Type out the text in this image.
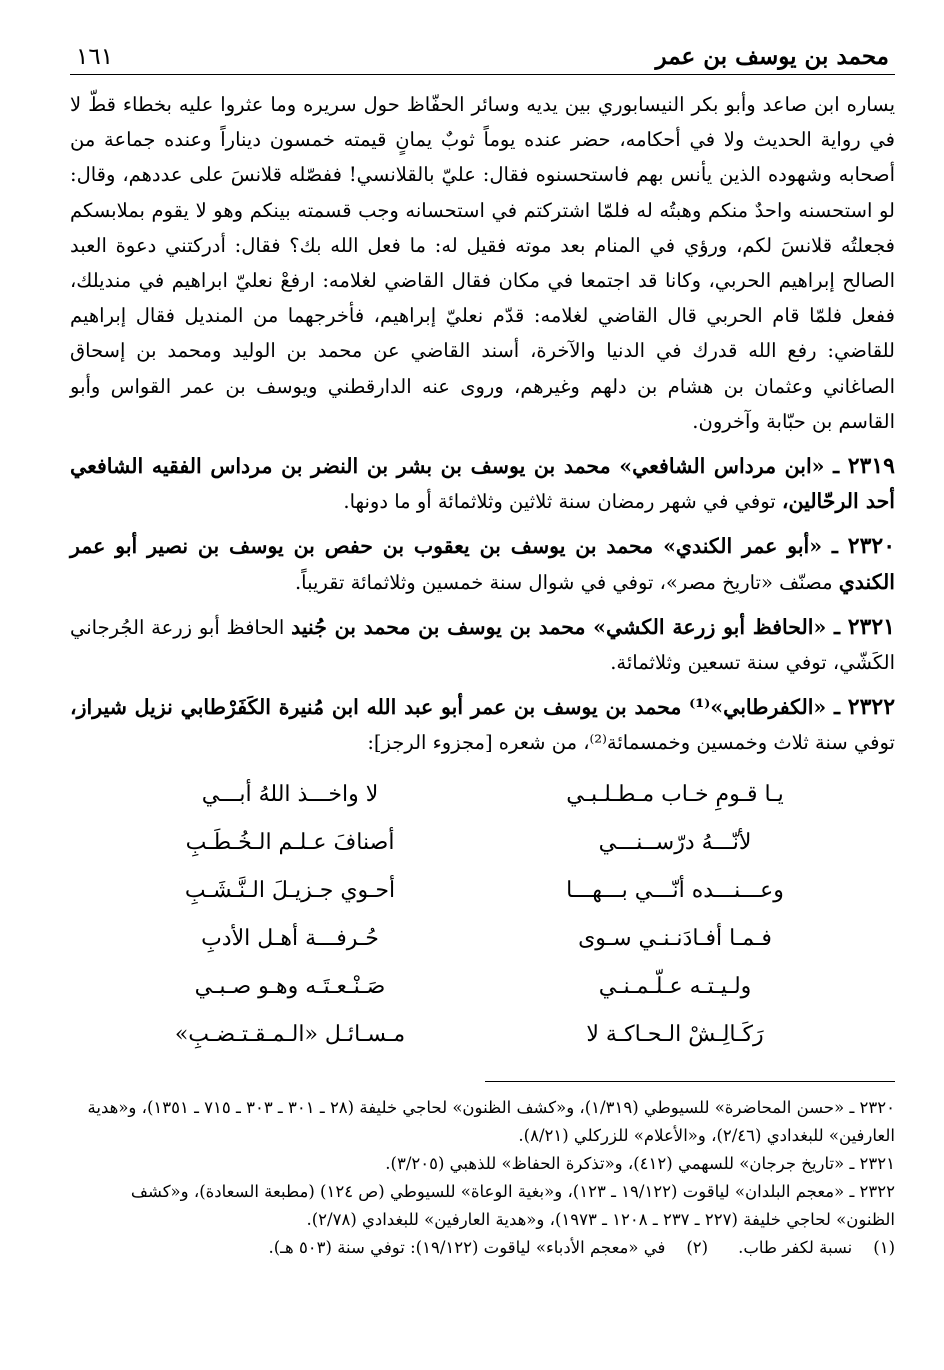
محمد بن يوسف بن عمر
١٦١

يساره ابن صاعد وأبو بكر النيسابوري بين يديه وسائر الحفّاظ حول سريره وما عثروا عليه بخطاء قطّ لا في رواية الحديث ولا في أحكامه، حضر عنده يوماً ثوبٌ يمانٍ قيمته خمسون ديناراً وعنده جماعة من أصحابه وشهوده الذين يأنس بهم فاستحسنوه فقال: عليّ بالقلانسي! ففصّله قلانسَ على عددهم، وقال: لو استحسنه واحدٌ منكم وهبتُه له فلمّا اشتركتم في استحسانه وجب قسمته بينكم وهو لا يقوم بملابسكم فجعلتُه قلانسَ لكم، ورؤي في المنام بعد موته فقيل له: ما فعل الله بك؟ فقال: أدركتني دعوة العبد الصالح إبراهيم الحربي، وكانا قد اجتمعا في مكان فقال القاضي لغلامه: ارفعْ نعليّ ابراهيم في منديلك، ففعل فلمّا قام الحربي قال القاضي لغلامه: قدّم نعليّ إبراهيم، فأخرجهما من المنديل فقال إبراهيم للقاضي: رفع الله قدرك في الدنيا والآخرة، أسند القاضي عن محمد بن الوليد ومحمد بن إسحاق الصاغاني وعثمان بن هشام بن دلهم وغيرهم، وروى عنه الدارقطني ويوسف بن عمر القواس وأبو القاسم بن حبّابة وآخرون.

٢٣١٩ ـ «ابن مرداس الشافعي» محمد بن يوسف بن بشر بن النضر بن مرداس الفقيه الشافعي أحد الرحّالين، توفي في شهر رمضان سنة ثلاثين وثلاثمائة أو ما دونها.
٢٣٢٠ ـ «أبو عمر الكندي» محمد بن يوسف بن يعقوب بن حفص بن يوسف بن نصير أبو عمر الكندي مصنّف «تاريخ مصر»، توفي في شوال سنة خمسين وثلاثمائة تقريباً.
٢٣٢١ ـ «الحافظ أبو زرعة الكشي» محمد بن يوسف بن محمد بن جُنيد الحافظ أبو زرعة الجُرجاني الكَشّي، توفي سنة تسعين وثلاثمائة.
٢٣٢٢ ـ «الكفرطابي»⁽¹⁾ محمد بن يوسف بن عمر أبو عبد الله ابن مُنيرة الكَفَرْطابي نزيل شيراز، توفي سنة ثلاث وخمسين وخمسمائة⁽²⁾، من شعره [مجزوء الرجز]:
يـا قـومِ خـاب مـطـلـبـي
لا واخـــذ اللهُ أبـــي
لأنّـــهُ درّســنـــي
أصنافَ عـلـم الـخُـطَـبِ
وعـــنـــده أنّـــي بـــهـــا
أحـوي جـزيـلَ الـنَّـشَـبِ
فـمـا أفـادَنـنـي سـوى
حُـرفـــة أهـل الأدبِ
ولـيـتـه عـلّـمـنـي
صَـنْـعـتَـه وهـو صـبـي
رَكَـالِـشْ الـحـاكـة لا
مـسـائـل «الـمـقـتـضـبِ»

٢٣٢٠ ـ «حسن المحاضرة» للسيوطي (١/٣١٩)، و«كشف الظنون» لحاجي خليفة (٢٨ ـ ٣٠١ ـ ٣٠٣ ـ ٧١٥ ـ ١٣٥١)، و«هدية العارفين» للبغدادي (٢/٤٦)، و«الأعلام» للزركلي (٨/٢١).

٢٣٢١ ـ «تاريخ جرجان» للسهمي (٤١٢)، و«تذكرة الحفاظ» للذهبي (٣/٢٠٥).

٢٣٢٢ ـ «معجم البلدان» لياقوت (١٩/١٢٢ ـ ١٢٣)، و«بغية الوعاة» للسيوطي (ص ١٢٤) (مطبعة السعادة)، و«كشف الظنون» لحاجي خليفة (٢٢٧ ـ ٢٣٧ ـ ١٢٠٨ ـ ١٩٧٣)، و«هدية العارفين» للبغدادي (٢/٧٨).

(١)    نسبة لكفر طاب.
(٢)    في «معجم الأدباء» لياقوت (١٩/١٢٢): توفي سنة (٥٠٣ هـ).
